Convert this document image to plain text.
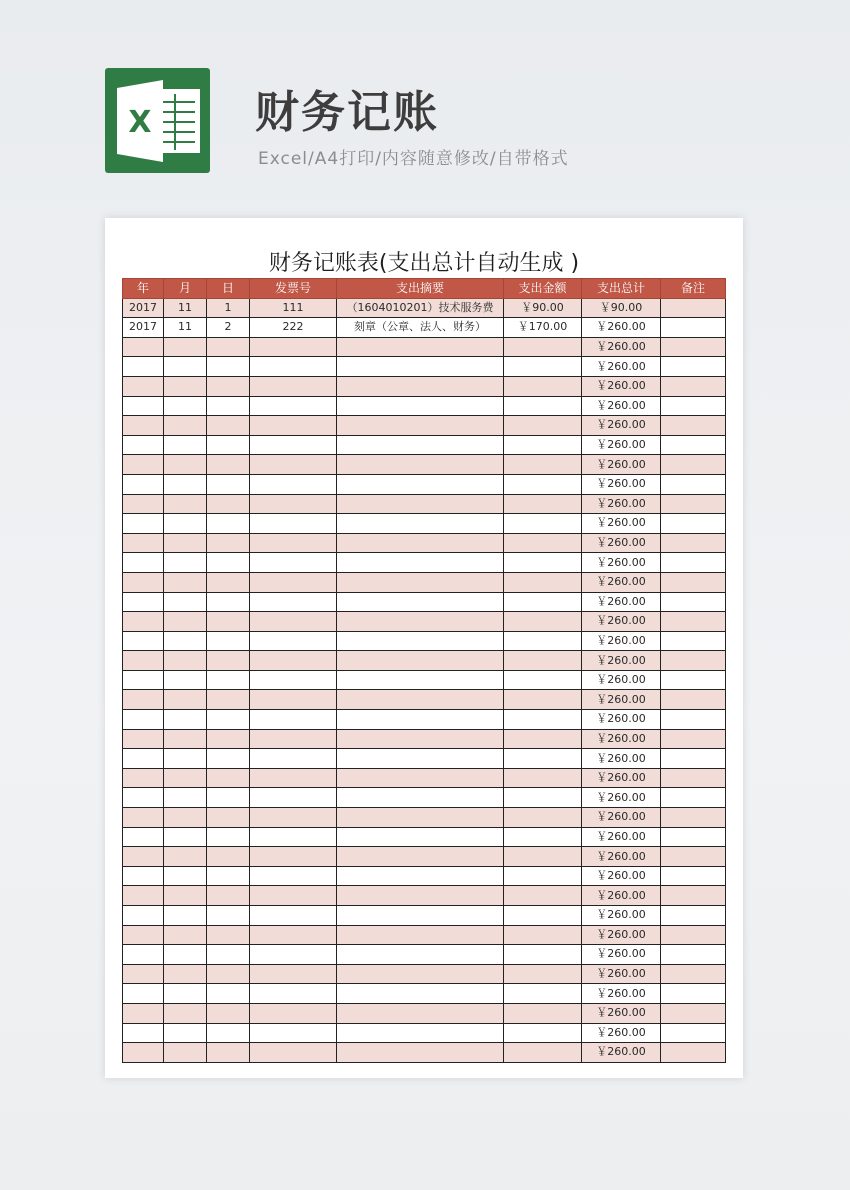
X 财务记账
Excel/A4打印/内容随意修改/自带格式
财务记账表(支出总计自动生成 )
年	月	日	发票号	支出摘要	支出金额	支出总计	备注
2017	11	1	111	（1604010201）技术服务费	￥90.00	￥90.00	
2017	11	2	222	刻章（公章、法人、财务）	￥170.00	￥260.00	
						￥260.00	
						￥260.00	
						￥260.00	
						￥260.00	
						￥260.00	
						￥260.00	
						￥260.00	
						￥260.00	
						￥260.00	
						￥260.00	
						￥260.00	
						￥260.00	
						￥260.00	
						￥260.00	
						￥260.00	
						￥260.00	
						￥260.00	
						￥260.00	
						￥260.00	
						￥260.00	
						￥260.00	
						￥260.00	
						￥260.00	
						￥260.00	
						￥260.00	
						￥260.00	
						￥260.00	
						￥260.00	
						￥260.00	
						￥260.00	
						￥260.00	
						￥260.00	
						￥260.00	
						￥260.00	
						￥260.00	
						￥260.00	
						￥260.00	
